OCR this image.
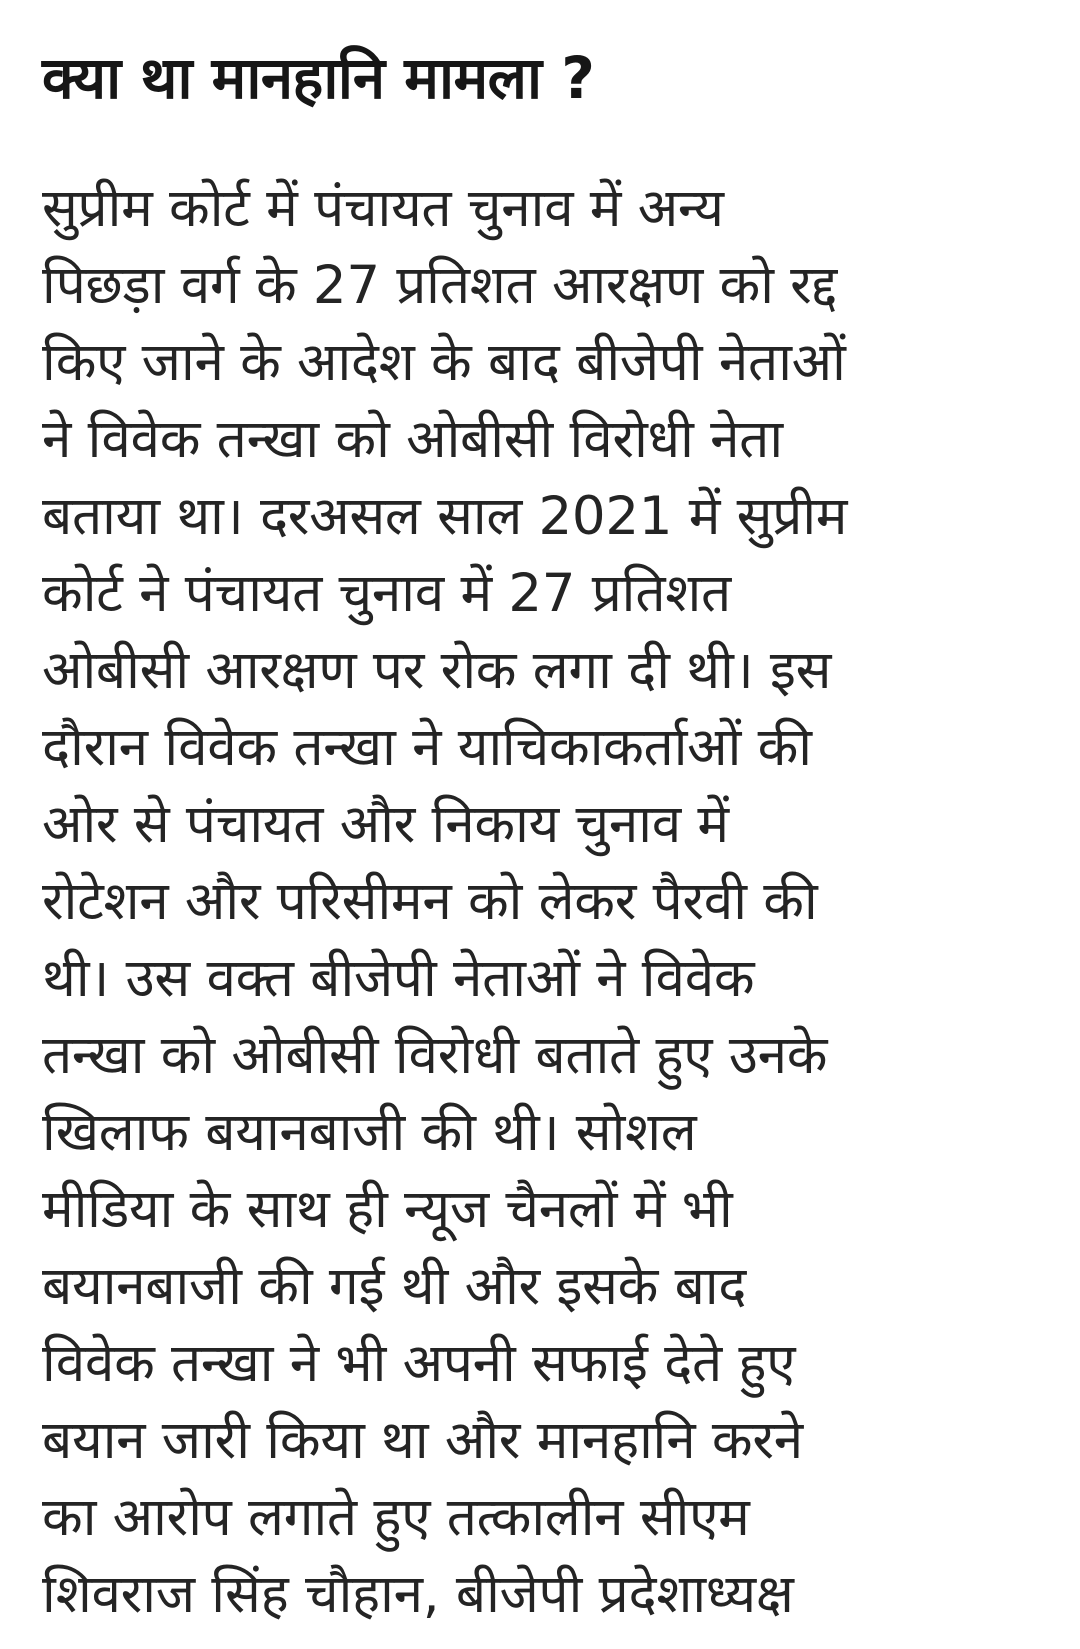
क्या था मानहानि मामला ?
सुप्रीम कोर्ट में पंचायत चुनाव में अन्य
पिछड़ा वर्ग के 27 प्रतिशत आरक्षण को रद्द
किए जाने के आदेश के बाद बीजेपी नेताओं
ने विवेक तन्खा को ओबीसी विरोधी नेता
बताया था। दरअसल साल 2021 में सुप्रीम
कोर्ट ने पंचायत चुनाव में 27 प्रतिशत
ओबीसी आरक्षण पर रोक लगा दी थी। इस
दौरान विवेक तन्खा ने याचिकाकर्ताओं की
ओर से पंचायत और निकाय चुनाव में
रोटेशन और परिसीमन को लेकर पैरवी की
थी। उस वक्त बीजेपी नेताओं ने विवेक
तन्खा को ओबीसी विरोधी बताते हुए उनके
खिलाफ बयानबाजी की थी। सोशल
मीडिया के साथ ही न्यूज चैनलों में भी
बयानबाजी की गई थी और इसके बाद
विवेक तन्खा ने भी अपनी सफाई देते हुए
बयान जारी किया था और मानहानि करने
का आरोप लगाते हुए तत्कालीन सीएम
शिवराज सिंह चौहान, बीजेपी प्रदेशाध्यक्ष
